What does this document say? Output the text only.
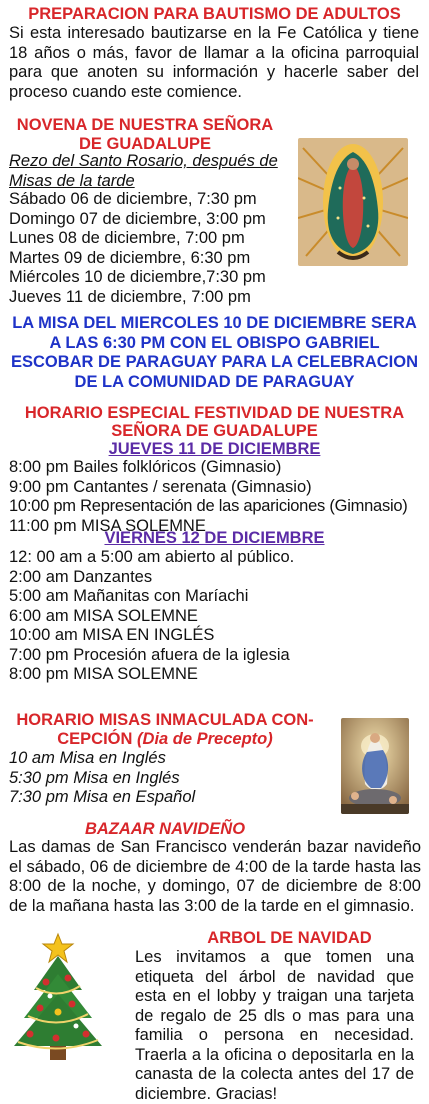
PREPARACION PARA BAUTISMO DE ADULTOS
Si esta interesado bautizarse en la Fe Católica y tiene 18 años o más, favor de llamar a la oficina parroquial para que anoten su información y hacerle saber del proceso cuando este comience.
NOVENA DE NUESTRA SEÑORA
DE GUADALUPE
Rezo del Santo Rosario, después de
Misas de la tarde
Sábado 06 de diciembre, 7:30 pm
Domingo 07 de diciembre, 3:00 pm
Lunes 08 de diciembre, 7:00 pm
Martes 09 de diciembre, 6:30 pm
Miércoles 10 de diciembre,7:30 pm
Jueves 11 de diciembre, 7:00 pm
LA MISA DEL MIERCOLES 10 DE DICIEMBRE SERA
A LAS 6:30 PM CON EL OBISPO GABRIEL
ESCOBAR DE PARAGUAY PARA LA CELEBRACION
DE LA COMUNIDAD DE PARAGUAY
HORARIO ESPECIAL FESTIVIDAD DE NUESTRA
SEÑORA DE GUADALUPE
JUEVES 11 DE DICIEMBRE
8:00 pm Bailes folklóricos (Gimnasio)
9:00 pm Cantantes / serenata (Gimnasio)
10:00 pm Representación de las apariciones (Gimnasio)
11:00 pm MISA SOLEMNE
VIERNES 12 DE DICIEMBRE
12: 00 am a 5:00 am abierto al público.
2:00 am Danzantes
5:00 am Mañanitas con Maríachi
6:00 am MISA SOLEMNE
10:00 am MISA EN INGLÉS
7:00 pm Procesión afuera de la iglesia
8:00 pm MISA SOLEMNE
HORARIO MISAS INMACULADA CON-
CEPCIÓN (Dia de Precepto)
10 am Misa en Inglés
5:30 pm Misa en Inglés
7:30 pm Misa en Español
BAZAAR NAVIDEÑO
Las damas de San Francisco venderán bazar navideño el sábado, 06 de diciembre de 4:00 de la tarde hasta las 8:00 de la noche, y domingo, 07 de diciembre de 8:00 de la mañana hasta las 3:00 de la tarde en el gimnasio.
ARBOL DE NAVIDAD
Les invitamos a que tomen una etiqueta del árbol de navidad que esta en el lobby y traigan una tarjeta de regalo de 25 dls o mas para una familia o persona en necesidad. Traerla a la oficina o depositarla en la canasta de la colecta antes del 17 de diciembre. Gracias!
